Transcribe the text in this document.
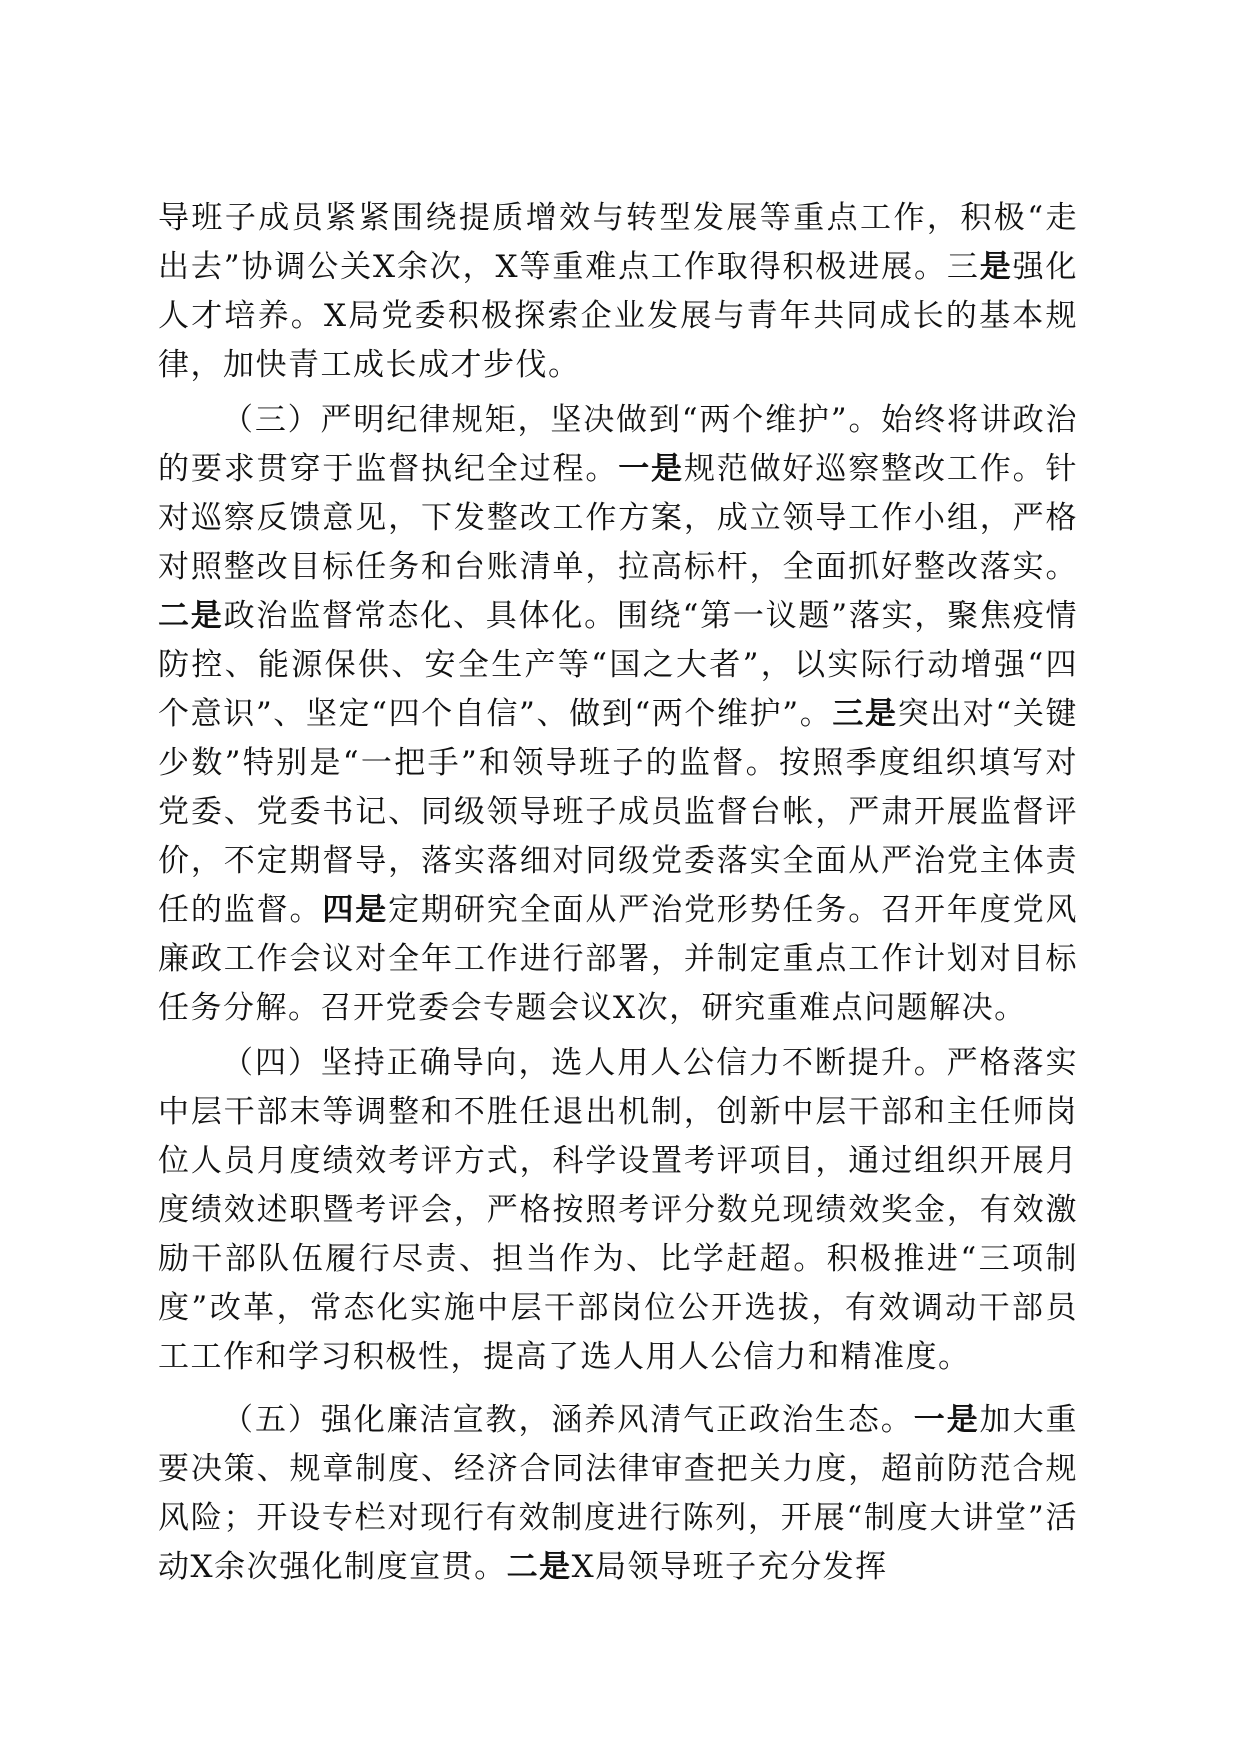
导班子成员紧紧围绕提质增效与转型发展等重点工作，积极“走出去”协调公关X余次，X等重难点工作取得积极进展。三是强化人才培养。X局党委积极探索企业发展与青年共同成长的基本规律，加快青工成长成才步伐。

（三）严明纪律规矩，坚决做到“两个维护”。始终将讲政治的要求贯穿于监督执纪全过程。一是规范做好巡察整改工作。针对巡察反馈意见，下发整改工作方案，成立领导工作小组，严格对照整改目标任务和台账清单，拉高标杆，全面抓好整改落实。二是政治监督常态化、具体化。围绕“第一议题”落实，聚焦疫情防控、能源保供、安全生产等“国之大者”，以实际行动增强“四个意识”、坚定“四个自信”、做到“两个维护”。三是突出对“关键少数”特别是“一把手”和领导班子的监督。按照季度组织填写对党委、党委书记、同级领导班子成员监督台帐，严肃开展监督评价，不定期督导，落实落细对同级党委落实全面从严治党主体责任的监督。四是定期研究全面从严治党形势任务。召开年度党风廉政工作会议对全年工作进行部署，并制定重点工作计划对目标任务分解。召开党委会专题会议X次，研究重难点问题解决。

（四）坚持正确导向，选人用人公信力不断提升。严格落实中层干部末等调整和不胜任退出机制，创新中层干部和主任师岗位人员月度绩效考评方式，科学设置考评项目，通过组织开展月度绩效述职暨考评会，严格按照考评分数兑现绩效奖金，有效激励干部队伍履行尽责、担当作为、比学赶超。积极推进“三项制度”改革，常态化实施中层干部岗位公开选拔，有效调动干部员工工作和学习积极性，提高了选人用人公信力和精准度。

（五）强化廉洁宣教，涵养风清气正政治生态。一是加大重要决策、规章制度、经济合同法律审查把关力度，超前防范合规风险；开设专栏对现行有效制度进行陈列，开展“制度大讲堂”活动X余次强化制度宣贯。二是X局领导班子充分发挥
